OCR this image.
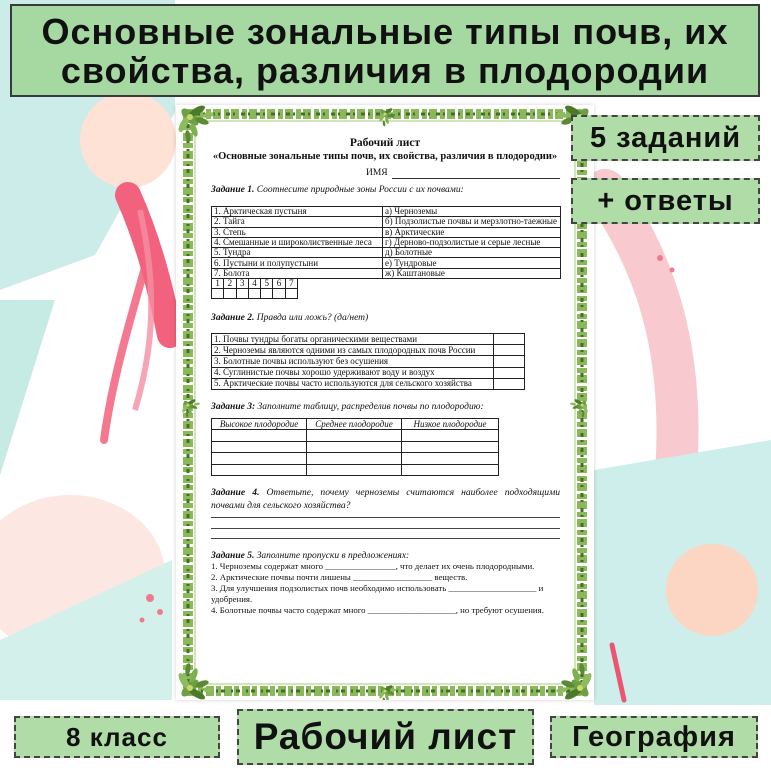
Основные зональные типы почв, их
свойства, различия в плодородии
5 заданий
+ ответы
8 класс	Рабочий лист	География
Рабочий лист
«Основные зональные типы почв, их свойства, различия в плодородии»
ИМЯ
Задание 1. Соотнесите природные зоны России с их почвами:
1. Арктическая пустыня	а) Черноземы
2. Тайга	б) Подзолистые почвы и мерзлотно-таежные
3. Степь	в) Арктические
4. Смешанные и широколиственные леса	г) Дерново-подзолистые и серые лесные
5. Тундра	д) Болотные
6. Пустыни и полупустыни	е) Тундровые
7. Болота	ж) Каштановые
1	2	3	4	5	6	7

Задание 2. Правда или ложь? (да/нет)
1. Почвы тундры богаты органическими веществами	
2. Черноземы являются одними из самых плодородных почв России	
3. Болотные почвы используют без осушения	
4. Суглинистые почвы хорошо удерживают воду и воздух	
5. Арктические почвы часто используются для сельского хозяйства	
Задание 3: Заполните таблицу, распределив почвы по плодородию:
Высокое плодородие	Среднее плодородие	Низкое плодородие

Задание 4. Ответьте, почему черноземы считаются наиболее подходящими почвами для сельского хозяйства?
Задание 5. Заполните пропуски в предложениях:
1. Черноземы содержат много ________________, что делает их очень плодородными.
2. Арктические почвы почти лишены __________________ веществ.
3. Для улучшения подзолистых почв необходимо использовать ____________________ и
удобрения.
4. Болотные почвы часто содержат много ____________________, но требуют осушения.
